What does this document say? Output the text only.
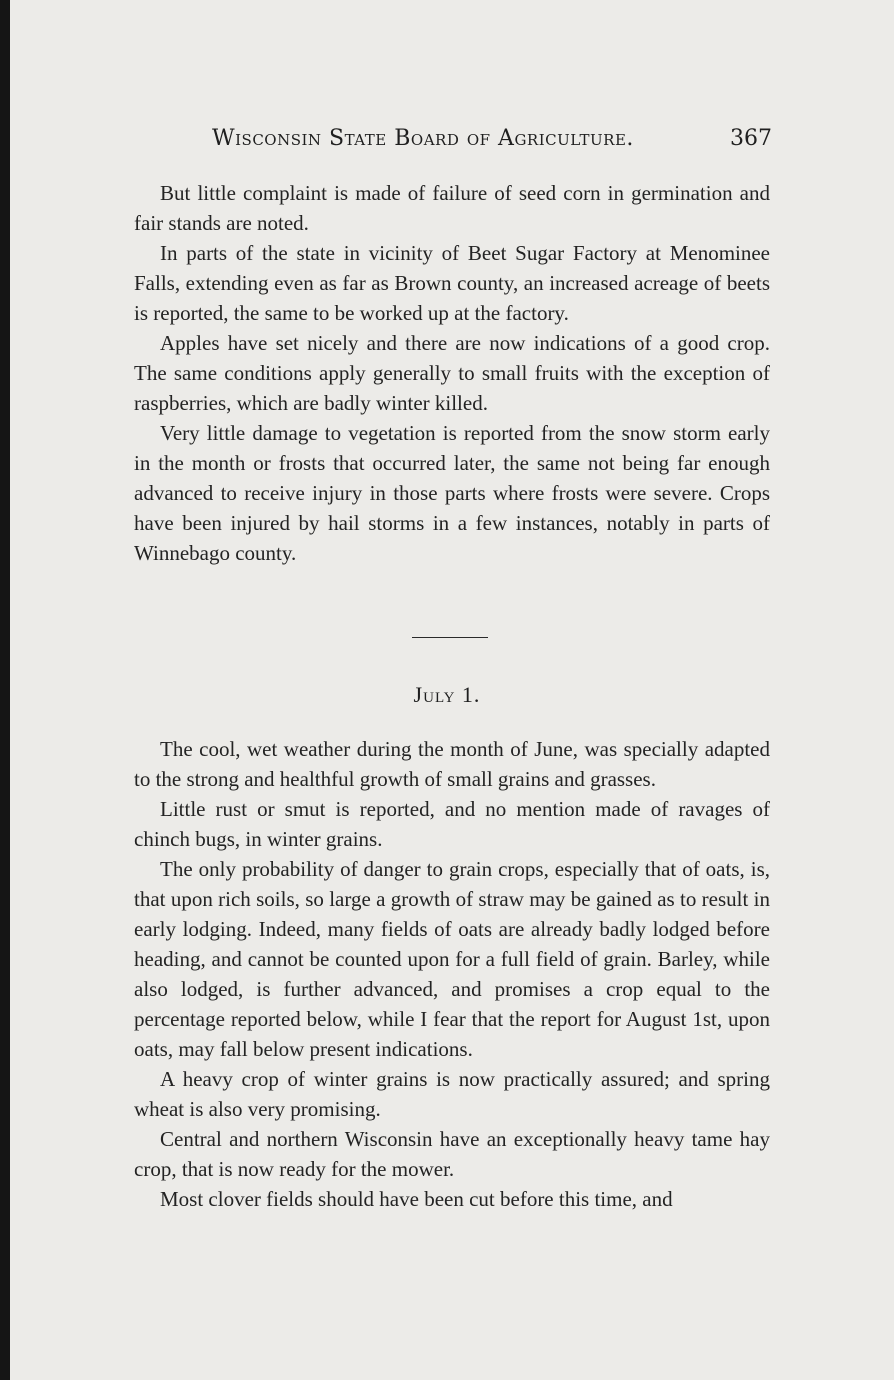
Wisconsin State Board of Agriculture.	367

But little complaint is made of failure of seed corn in germination and fair stands are noted.

In parts of the state in vicinity of Beet Sugar Factory at Menominee Falls, extending even as far as Brown county, an increased acreage of beets is reported, the same to be worked up at the factory.

Apples have set nicely and there are now indications of a good crop. The same conditions apply generally to small fruits with the exception of raspberries, which are badly winter killed.

Very little damage to vegetation is reported from the snow storm early in the month or frosts that occurred later, the same not being far enough advanced to receive injury in those parts where frosts were severe. Crops have been injured by hail storms in a few instances, notably in parts of Winnebago county.

July 1.

The cool, wet weather during the month of June, was specially adapted to the strong and healthful growth of small grains and grasses.

Little rust or smut is reported, and no mention made of ravages of chinch bugs, in winter grains.

The only probability of danger to grain crops, especially that of oats, is, that upon rich soils, so large a growth of straw may be gained as to result in early lodging. Indeed, many fields of oats are already badly lodged before heading, and cannot be counted upon for a full field of grain. Barley, while also lodged, is further advanced, and promises a crop equal to the percentage reported below, while I fear that the report for August 1st, upon oats, may fall below present indications.

A heavy crop of winter grains is now practically assured; and spring wheat is also very promising.

Central and northern Wisconsin have an exceptionally heavy tame hay crop, that is now ready for the mower.

Most clover fields should have been cut before this time, and
